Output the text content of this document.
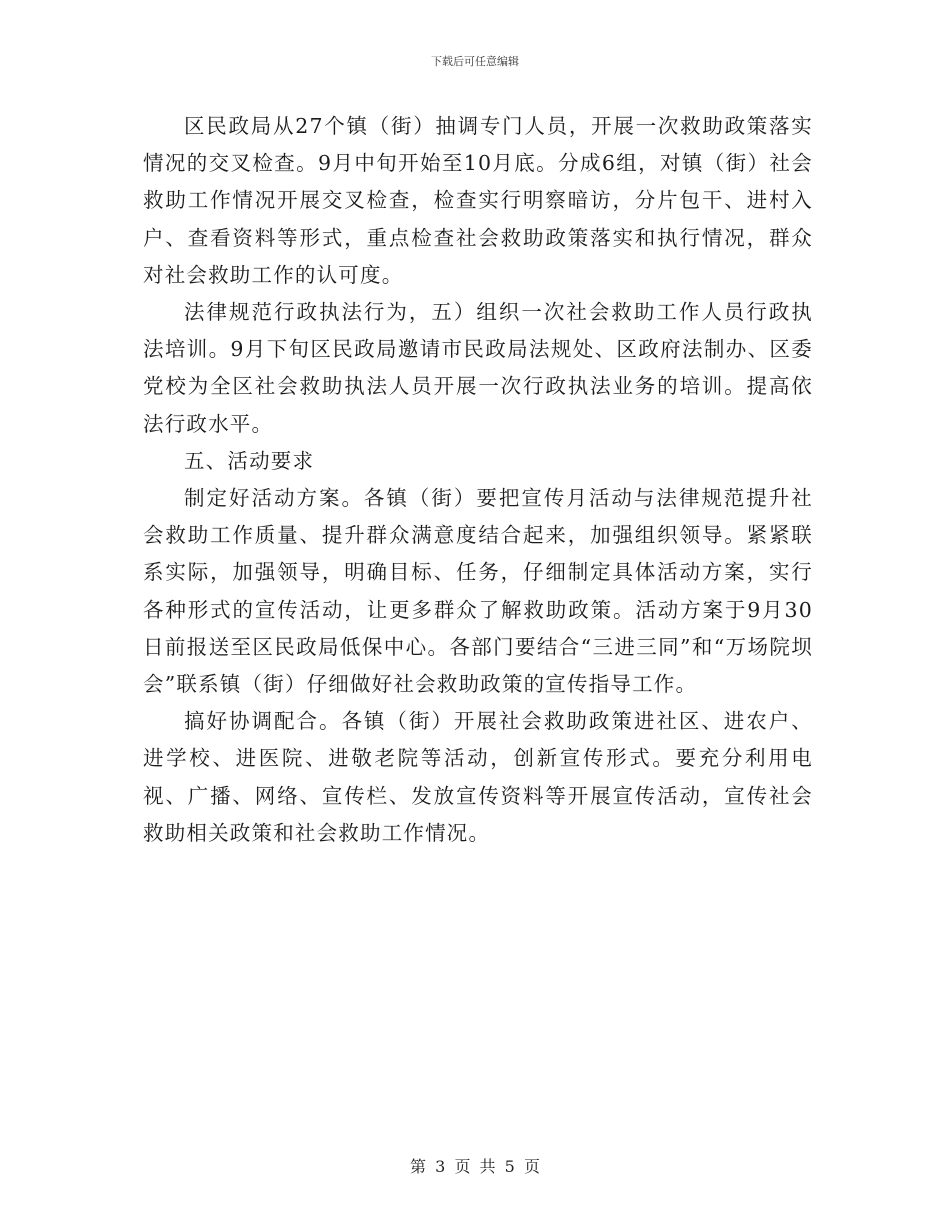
下载后可任意编辑

区民政局从27个镇（街）抽调专门人员，开展一次救助政策落实情况的交叉检查。9月中旬开始至10月底。分成6组，对镇（街）社会救助工作情况开展交叉检查，检查实行明察暗访，分片包干、进村入户、查看资料等形式，重点检查社会救助政策落实和执行情况，群众对社会救助工作的认可度。

法律规范行政执法行为，五）组织一次社会救助工作人员行政执法培训。9月下旬区民政局邀请市民政局法规处、区政府法制办、区委党校为全区社会救助执法人员开展一次行政执法业务的培训。提高依法行政水平。

五、活动要求

制定好活动方案。各镇（街）要把宣传月活动与法律规范提升社会救助工作质量、提升群众满意度结合起来，加强组织领导。紧紧联系实际，加强领导，明确目标、任务，仔细制定具体活动方案，实行各种形式的宣传活动，让更多群众了解救助政策。活动方案于9月30日前报送至区民政局低保中心。各部门要结合“三进三同”和“万场院坝会”联系镇（街）仔细做好社会救助政策的宣传指导工作。

搞好协调配合。各镇（街）开展社会救助政策进社区、进农户、进学校、进医院、进敬老院等活动，创新宣传形式。要充分利用电视、广播、网络、宣传栏、发放宣传资料等开展宣传活动，宣传社会救助相关政策和社会救助工作情况。

第 3 页 共 5 页
